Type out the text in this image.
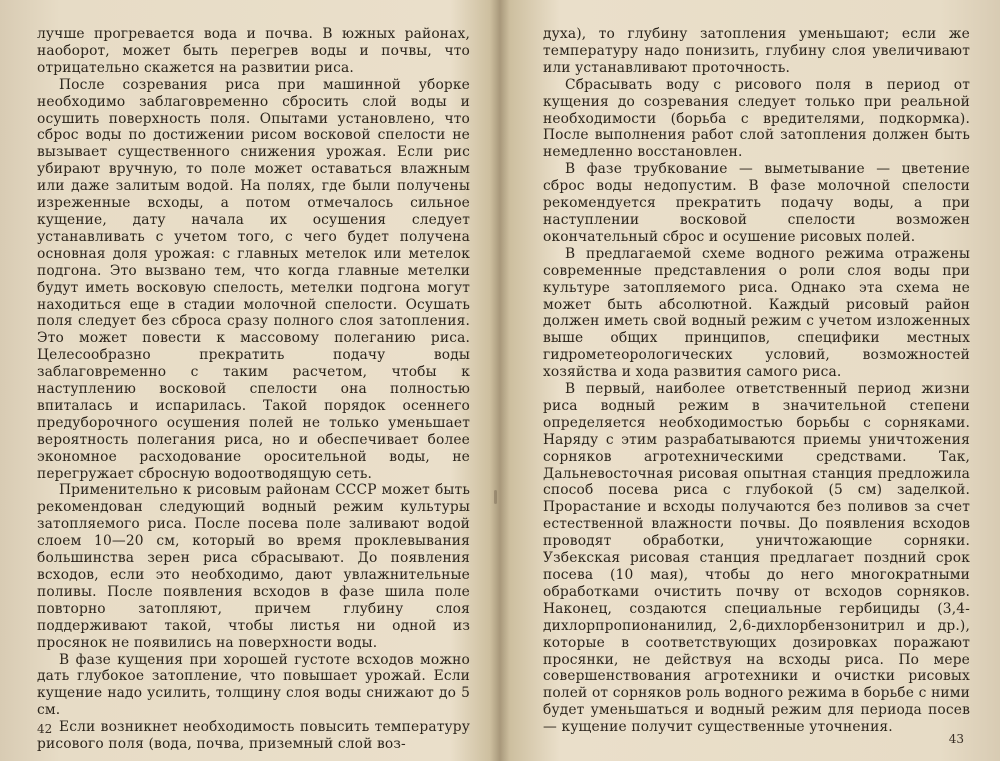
лучше прогревается вода и почва. В южных районах, наоборот, может быть перегрев воды и почвы, что отрицательно скажется на развитии риса.

После созревания риса при машинной уборке необходимо заблаговременно сбросить слой воды и осушить поверхность поля. Опытами установлено, что сброс воды по достижении рисом восковой спелости не вызывает существенного снижения урожая. Если рис убирают вручную, то поле может оставаться влажным или даже залитым водой. На полях, где были получены изреженные всходы, а потом отмечалось сильное кущение, дату начала их осушения следует устанавливать с учетом того, с чего будет получена основная доля урожая: с главных метелок или метелок подгона. Это вызвано тем, что когда главные метелки будут иметь восковую спелость, метелки подгона могут находиться еще в стадии молочной спелости. Осушать поля следует без сброса сразу полного слоя затопления. Это может повести к массовому полеганию риса. Целесообразно прекратить подачу воды заблаговременно с таким расчетом, чтобы к наступлению восковой спелости она полностью впиталась и испарилась. Такой порядок осеннего предуборочного осушения полей не только уменьшает вероятность полегания риса, но и обеспечивает более экономное расходование оросительной воды, не перегружает сбросную водоотводящую сеть.

Применительно к рисовым районам СССР может быть рекомендован следующий водный режим культуры затопляемого риса. После посева поле заливают водой слоем 10—20 см, который во время проклевывания большинства зерен риса сбрасывают. До появления всходов, если это необходимо, дают увлажнительные поливы. После появления всходов в фазе шила поле повторно затопляют, причем глубину слоя поддерживают такой, чтобы листья ни одной из просянок не появились на поверхности воды.

В фазе кущения при хорошей густоте всходов можно дать глубокое затопление, что повышает урожай. Если кущение надо усилить, толщину слоя воды снижают до 5 см.

Если возникнет необходимость повысить температуру рисового поля (вода, почва, приземный слой воз-

42

духа), то глубину затопления уменьшают; если же температуру надо понизить, глубину слоя увеличивают или устанавливают проточность.

Сбрасывать воду с рисового поля в период от кущения до созревания следует только при реальной необходимости (борьба с вредителями, подкормка). После выполнения работ слой затопления должен быть немедленно восстановлен.

В фазе трубкование — выметывание — цветение сброс воды недопустим. В фазе молочной спелости рекомендуется прекратить подачу воды, а при наступлении восковой спелости возможен окончательный сброс и осушение рисовых полей.

В предлагаемой схеме водного режима отражены современные представления о роли слоя воды при культуре затопляемого риса. Однако эта схема не может быть абсолютной. Каждый рисовый район должен иметь свой водный режим с учетом изложенных выше общих принципов, специфики местных гидрометеорологических условий, возможностей хозяйства и хода развития самого риса.

В первый, наиболее ответственный период жизни риса водный режим в значительной степени определяется необходимостью борьбы с сорняками. Наряду с этим разрабатываются приемы уничтожения сорняков агротехническими средствами. Так, Дальневосточная рисовая опытная станция предложила способ посева риса с глубокой (5 см) заделкой. Прорастание и всходы получаются без поливов за счет естественной влажности почвы. До появления всходов проводят обработки, уничтожающие сорняки. Узбекская рисовая станция предлагает поздний срок посева (10 мая), чтобы до него многократными обработками очистить почву от всходов сорняков. Наконец, создаются специальные гербициды (3,4-дихлорпропионанилид, 2,6-дихлорбензонитрил и др.), которые в соответствующих дозировках поражают просянки, не действуя на всходы риса. По мере совершенствования агротехники и очистки рисовых полей от сорняков роль водного режима в борьбе с ними будет уменьшаться и водный режим для периода посев — кущение получит существенные уточнения.

43
